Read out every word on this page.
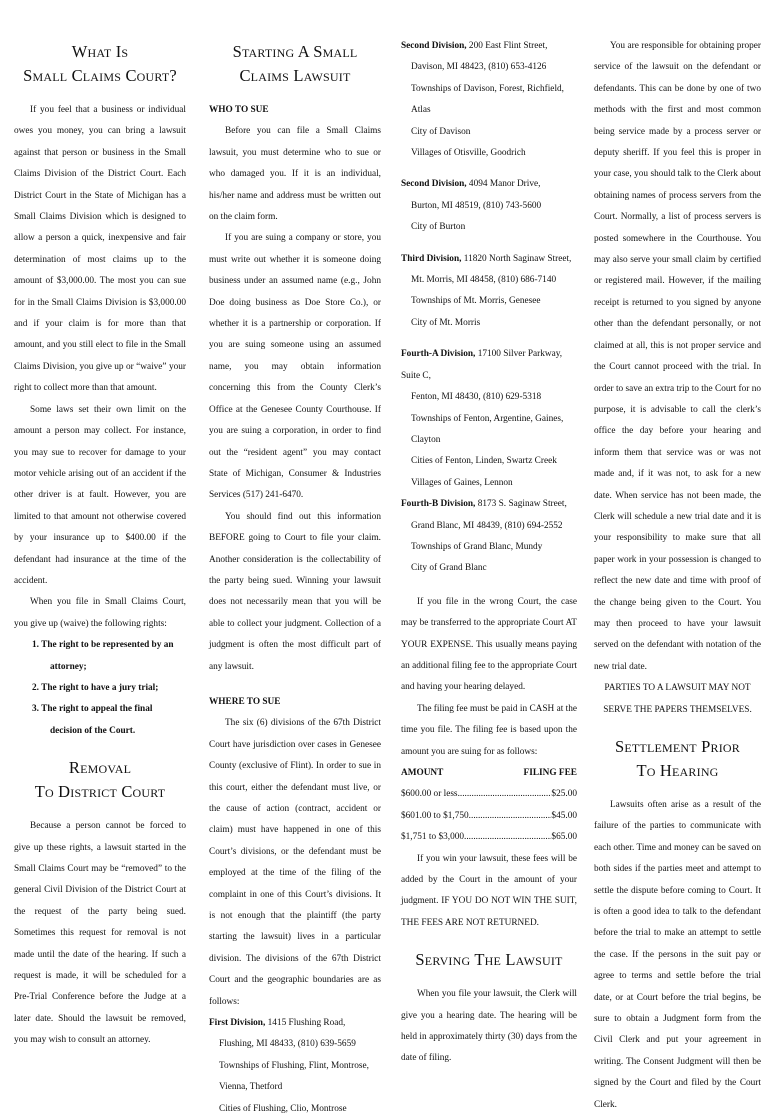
What Is
Small Claims Court?

If you feel that a business or individual owes you money, you can bring a lawsuit against that person or business in the Small Claims Division of the District Court. Each District Court in the State of Michigan has a Small Claims Division which is designed to allow a person a quick, inexpensive and fair determination of most claims up to the amount of $3,000.00. The most you can sue for in the Small Claims Division is $3,000.00 and if your claim is for more than that amount, and you still elect to file in the Small Claims Division, you give up or “waive” your right to collect more than that amount.

Some laws set their own limit on the amount a person may collect. For instance, you may sue to recover for damage to your motor vehicle arising out of an accident if the other driver is at fault. However, you are limited to that amount not otherwise covered by your insurance up to $400.00 if the defendant had insurance at the time of the accident.

When you file in Small Claims Court, you give up (waive) the following rights:

1. The right to be represented by an attorney;
2. The right to have a jury trial;
3. The right to appeal the final decision of the Court.
Removal
To District Court

Because a person cannot be forced to give up these rights, a lawsuit started in the Small Claims Court may be “removed” to the general Civil Division of the District Court at the request of the party being sued. Sometimes this request for removal is not made until the date of the hearing. If such a request is made, it will be scheduled for a Pre-Trial Conference before the Judge at a later date. Should the lawsuit be removed, you may wish to consult an attorney.

Starting A Small
Claims Lawsuit
WHO TO SUE

Before you can file a Small Claims lawsuit, you must determine who to sue or who damaged you. If it is an individual, his/her name and address must be written out on the claim form.

If you are suing a company or store, you must write out whether it is someone doing business under an assumed name (e.g., John Doe doing business as Doe Store Co.), or whether it is a partnership or corporation. If you are suing someone using an assumed name, you may obtain information concerning this from the County Clerk’s Office at the Genesee County Courthouse. If you are suing a corporation, in order to find out the “resident agent” you may contact State of Michigan, Consumer & Industries Services (517) 241-6470.

You should find out this information BEFORE going to Court to file your claim. Another consideration is the collectability of the party being sued. Winning your lawsuit does not necessarily mean that you will be able to collect your judgment. Collection of a judgment is often the most difficult part of any lawsuit.

WHERE TO SUE

The six (6) divisions of the 67th District Court have jurisdiction over cases in Genesee County (exclusive of Flint). In order to sue in this court, either the defendant must live, or the cause of action (contract, accident or claim) must have happened in one of this Court’s divisions, or the defendant must be employed at the time of the filing of the complaint in one of this Court’s divisions. It is not enough that the plaintiff (the party starting the lawsuit) lives in a particular division. The divisions of the 67th District Court and the geographic boundaries are as follows:

First Division, 1415 Flushing Road,
Flushing, MI 48433, (810) 639-5659
Townships of Flushing, Flint, Montrose, Vienna, Thetford
Cities of Flushing, Clio, Montrose
Second Division, 200 East Flint Street,
Davison, MI 48423, (810) 653-4126
Townships of Davison, Forest, Richfield, Atlas
City of Davison
Villages of Otisville, Goodrich
Second Division, 4094 Manor Drive,
Burton, MI 48519, (810) 743-5600
City of Burton
Third Division, 11820 North Saginaw Street,
Mt. Morris, MI 48458, (810) 686-7140
Townships of Mt. Morris, Genesee
City of Mt. Morris
Fourth-A Division, 17100 Silver Parkway, Suite C,
Fenton, MI 48430, (810) 629-5318
Townships of Fenton, Argentine, Gaines, Clayton
Cities of Fenton, Linden, Swartz Creek
Villages of Gaines, Lennon
Fourth-B Division, 8173 S. Saginaw Street,
Grand Blanc, MI 48439, (810) 694-2552
Townships of Grand Blanc, Mundy
City of Grand Blanc

If you file in the wrong Court, the case may be transferred to the appropriate Court AT YOUR EXPENSE. This usually means paying an additional filing fee to the appropriate Court and having your hearing delayed.

The filing fee must be paid in CASH at the time you file. The filing fee is based upon the amount you are suing for as follows:

AMOUNT	FILING FEE
$600.00 or less .....	$25.00
$601.00 to $1,750 .....	$45.00
$1,751 to $3,000 .....	$65.00

If you win your lawsuit, these fees will be added by the Court in the amount of your judgment. IF YOU DO NOT WIN THE SUIT, THE FEES ARE NOT RETURNED.

Serving The Lawsuit

When you file your lawsuit, the Clerk will give you a hearing date. The hearing will be held in approximately thirty (30) days from the date of filing.

You are responsible for obtaining proper service of the lawsuit on the defendant or defendants. This can be done by one of two methods with the first and most common being service made by a process server or deputy sheriff. If you feel this is proper in your case, you should talk to the Clerk about obtaining names of process servers from the Court. Normally, a list of process servers is posted somewhere in the Courthouse. You may also serve your small claim by certified or registered mail. However, if the mailing receipt is returned to you signed by anyone other than the defendant personally, or not claimed at all, this is not proper service and the Court cannot proceed with the trial. In order to save an extra trip to the Court for no purpose, it is advisable to call the clerk’s office the day before your hearing and inform them that service was or was not made and, if it was not, to ask for a new date. When service has not been made, the Clerk will schedule a new trial date and it is your responsibility to make sure that all paper work in your possession is changed to reflect the new date and time with proof of the change being given to the Court. You may then proceed to have your lawsuit served on the defendant with notation of the new trial date.

PARTIES TO A LAWSUIT MAY NOT SERVE THE PAPERS THEMSELVES.

Settlement Prior
To Hearing

Lawsuits often arise as a result of the failure of the parties to communicate with each other. Time and money can be saved on both sides if the parties meet and attempt to settle the dispute before coming to Court. It is often a good idea to talk to the defendant before the trial to make an attempt to settle the case. If the persons in the suit pay or agree to terms and settle before the trial date, or at Court before the trial begins, be sure to obtain a Judgment form from the Civil Clerk and put your agreement in writing. The Consent Judgment will then be signed by the Court and filed by the Court Clerk.
